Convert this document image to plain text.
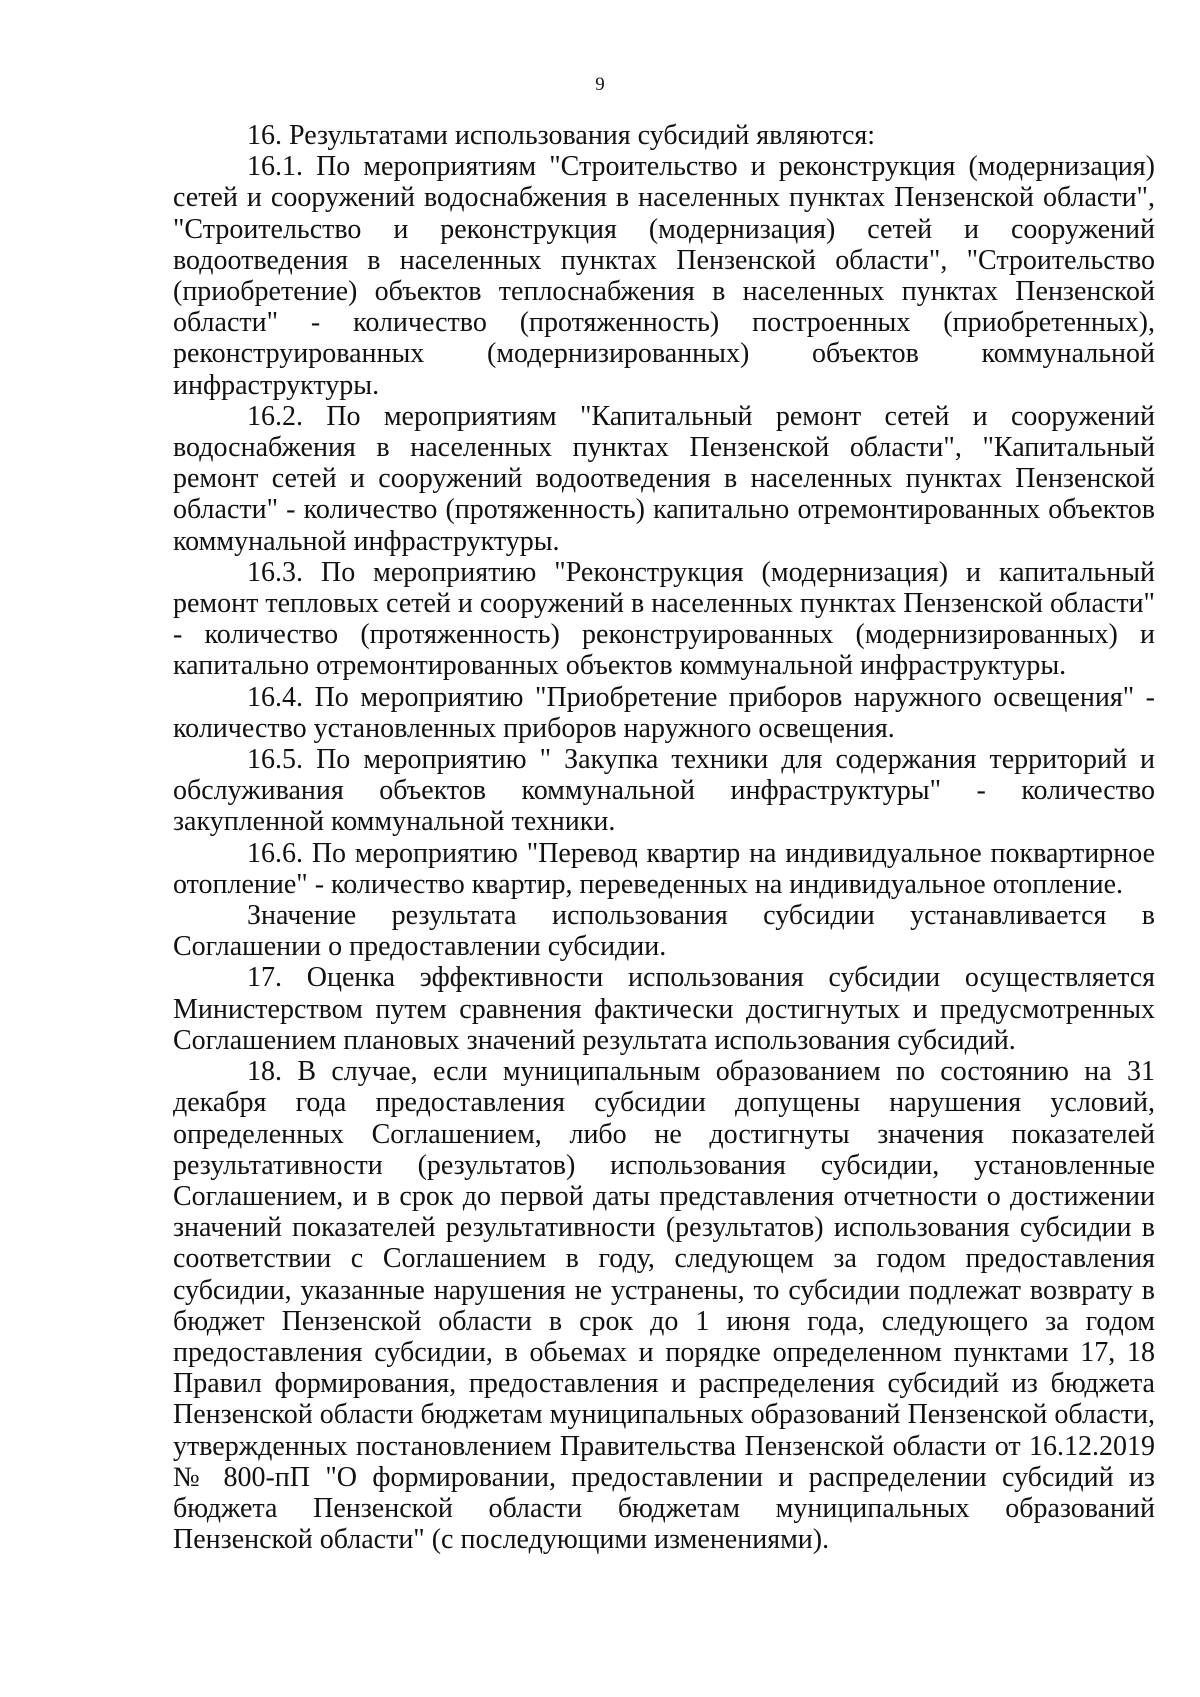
9

16. Результатами использования субсидий являются:

16.1. По мероприятиям "Строительство и реконструкция (модернизация) сетей и сооружений водоснабжения в населенных пунктах Пензенской области", "Строительство и реконструкция (модернизация) сетей и сооружений водоотведения в населенных пунктах Пензенской области", "Строительство (приобретение) объектов теплоснабжения в населенных пунктах Пензенской области" - количество (протяженность) построенных (приобретенных), реконструированных (модернизированных) объектов коммунальной инфраструктуры.

16.2. По мероприятиям "Капитальный ремонт сетей и сооружений водоснабжения в населенных пунктах Пензенской области", "Капитальный ремонт сетей и сооружений водоотведения в населенных пунктах Пензенской области" - количество (протяженность) капитально отремонтированных объектов коммунальной инфраструктуры.

16.3. По мероприятию "Реконструкция (модернизация) и капитальный ремонт тепловых сетей и сооружений в населенных пунктах Пензенской области" - количество (протяженность) реконструированных (модернизированных) и капитально отремонтированных объектов коммунальной инфраструктуры.

16.4. По мероприятию "Приобретение приборов наружного освещения" - количество установленных приборов наружного освещения.

16.5. По мероприятию " Закупка техники для содержания территорий и обслуживания объектов коммунальной инфраструктуры" - количество закупленной коммунальной техники.

16.6. По мероприятию "Перевод квартир на индивидуальное поквартирное отопление" - количество квартир, переведенных на индивидуальное отопление.

Значение результата использования субсидии устанавливается в Соглашении о предоставлении субсидии.

17. Оценка эффективности использования субсидии осуществляется Министерством путем сравнения фактически достигнутых и предусмотренных Соглашением плановых значений результата использования субсидий.

18. В случае, если муниципальным образованием по состоянию на 31 декабря года предоставления субсидии допущены нарушения условий, определенных Соглашением, либо не достигнуты значения показателей результативности (результатов) использования субсидии, установленные Соглашением, и в срок до первой даты представления отчетности о достижении значений показателей результативности (результатов) использования субсидии в соответствии с Соглашением в году, следующем за годом предоставления субсидии, указанные нарушения не устранены, то субсидии подлежат возврату в бюджет Пензенской области в срок до 1 июня года, следующего за годом предоставления субсидии, в обьемах и порядке определенном пунктами 17, 18 Правил формирования, предоставления и распределения субсидий из бюджета Пензенской области бюджетам муниципальных образований Пензенской области, утвержденных постановлением Правительства Пензенской области от 16.12.2019 № 800-пП "О формировании, предоставлении и распределении субсидий из бюджета Пензенской области бюджетам муниципальных образований Пензенской области" (с последующими изменениями).
